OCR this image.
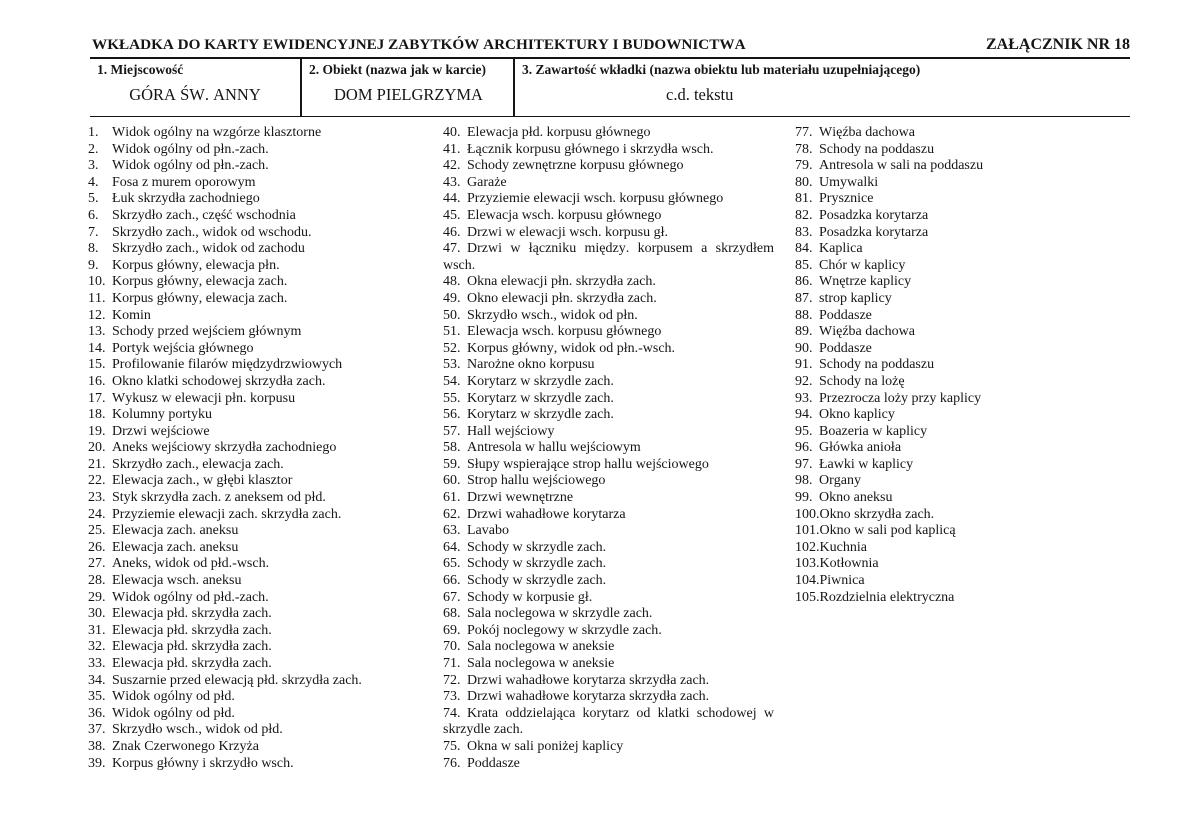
WKŁADKA DO KARTY EWIDENCYJNEJ ZABYTKÓW ARCHITEKTURY I BUDOWNICTWA	ZAŁĄCZNIK NR 18
1. Miejscowość
GÓRA ŚW. ANNY
2. Obiekt (nazwa jak w karcie)
DOM PIELGRZYMA
3. Zawartość wkładki (nazwa obiektu lub materiału uzupełniającego)
c.d. tekstu
1. Widok ogólny na wzgórze klasztorne
2. Widok ogólny od płn.-zach.
3. Widok ogólny od płn.-zach.
4. Fosa z murem oporowym
5. Łuk skrzydła zachodniego
6. Skrzydło zach., część wschodnia
7. Skrzydło zach., widok od wschodu.
8. Skrzydło zach., widok od zachodu
9. Korpus główny, elewacja płn.
10. Korpus główny, elewacja zach.
11. Korpus główny, elewacja zach.
12. Komin
13. Schody przed wejściem głównym
14. Portyk wejścia głównego
15. Profilowanie filarów międzydrzwiowych
16. Okno klatki schodowej skrzydła zach.
17. Wykusz w elewacji płn. korpusu
18. Kolumny portyku
19. Drzwi wejściowe
20. Aneks wejściowy skrzydła zachodniego
21. Skrzydło zach., elewacja zach.
22. Elewacja zach., w głębi klasztor
23. Styk skrzydła zach. z aneksem od płd.
24. Przyziemie elewacji zach. skrzydła zach.
25. Elewacja zach. aneksu
26. Elewacja zach. aneksu
27. Aneks, widok od płd.-wsch.
28. Elewacja wsch. aneksu
29. Widok ogólny od płd.-zach.
30. Elewacja płd. skrzydła zach.
31. Elewacja płd. skrzydła zach.
32. Elewacja płd. skrzydła zach.
33. Elewacja płd. skrzydła zach.
34. Suszarnie przed elewacją płd. skrzydła zach.
35. Widok ogólny od płd.
36. Widok ogólny od płd.
37. Skrzydło wsch., widok od płd.
38. Znak Czerwonego Krzyża
39. Korpus główny i skrzydło wsch.
40. Elewacja płd. korpusu głównego
41. Łącznik korpusu głównego i skrzydła wsch.
42. Schody zewnętrzne korpusu głównego
43. Garaże
44. Przyziemie elewacji wsch. korpusu głównego
45. Elewacja wsch. korpusu głównego
46. Drzwi w elewacji wsch. korpusu gł.
47. Drzwi w łączniku między. korpusem a skrzydłem wsch.
48. Okna elewacji płn. skrzydła zach.
49. Okno elewacji płn. skrzydła zach.
50. Skrzydło wsch., widok od płn.
51. Elewacja wsch. korpusu głównego
52. Korpus główny, widok od płn.-wsch.
53. Narożne okno korpusu
54. Korytarz w skrzydle zach.
55. Korytarz w skrzydle zach.
56. Korytarz w skrzydle zach.
57. Hall wejściowy
58. Antresola w hallu wejściowym
59. Słupy wspierające strop hallu wejściowego
60. Strop hallu wejściowego
61. Drzwi wewnętrzne
62. Drzwi wahadłowe korytarza
63. Lavabo
64. Schody w skrzydle zach.
65. Schody w skrzydle zach.
66. Schody w skrzydle zach.
67. Schody w korpusie gł.
68. Sala noclegowa w skrzydle zach.
69. Pokój noclegowy w skrzydle zach.
70. Sala noclegowa w aneksie
71. Sala noclegowa w aneksie
72. Drzwi wahadłowe korytarza skrzydła zach.
73. Drzwi wahadłowe korytarza skrzydła zach.
74. Krata oddzielająca korytarz od klatki schodowej w skrzydle zach.
75. Okna w sali poniżej kaplicy
76. Poddasze
77. Więźba dachowa
78. Schody na poddaszu
79. Antresola w sali na poddaszu
80. Umywalki
81. Prysznice
82. Posadzka korytarza
83. Posadzka korytarza
84. Kaplica
85. Chór w kaplicy
86. Wnętrze kaplicy
87. strop kaplicy
88. Poddasze
89. Więźba dachowa
90. Poddasze
91. Schody na poddaszu
92. Schody na lożę
93. Przezrocza loży przy kaplicy
94. Okno kaplicy
95. Boazeria w kaplicy
96. Główka anioła
97. Ławki w kaplicy
98. Organy
99. Okno aneksu
100.Okno skrzydła zach.
101.Okno w sali pod kaplicą
102.Kuchnia
103.Kotłownia
104.Piwnica
105.Rozdzielnia elektryczna
